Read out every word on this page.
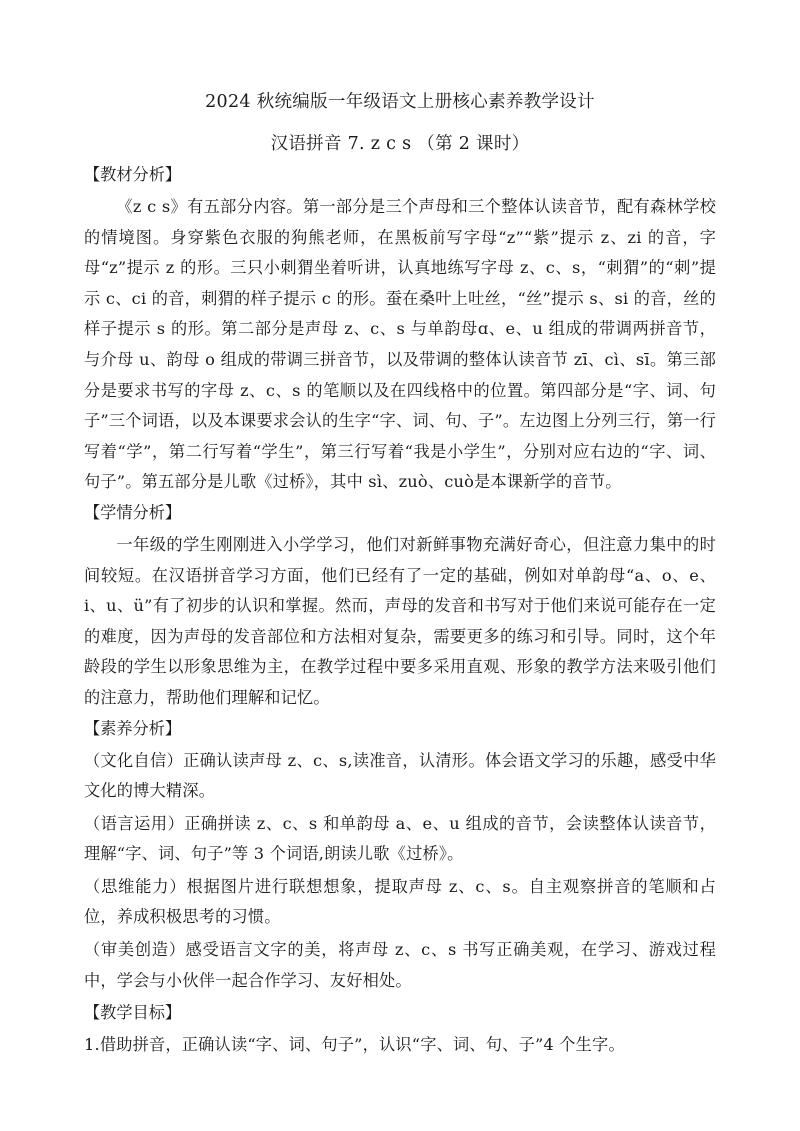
2024 秋统编版一年级语文上册核心素养教学设计
汉语拼音 7. z c s （第 2 课时）
【教材分析】

《z c s》有五部分内容。第一部分是三个声母和三个整体认读音节，配有森林学校的情境图。身穿紫色衣服的狗熊老师，在黑板前写字母“z”“紫”提示 z、zi 的音，字母“z”提示 z 的形。三只小刺猬坐着听讲，认真地练写字母 z、c、s，“刺猬”的“刺”提示 c、ci 的音，刺猬的样子提示 c 的形。蚕在桑叶上吐丝，“丝”提示 s、si 的音，丝的样子提示 s 的形。第二部分是声母 z、c、s 与单韵母ɑ、e、u 组成的带调两拼音节，与介母 u、韵母 o 组成的带调三拼音节，以及带调的整体认读音节 zī、cì、sī。第三部分是要求书写的字母 z、c、s 的笔顺以及在四线格中的位置。第四部分是“字、词、句子”三个词语，以及本课要求会认的生字“字、词、句、子”。左边图上分列三行，第一行写着“学”，第二行写着“学生”，第三行写着“我是小学生”，分别对应右边的“字、词、句子”。第五部分是儿歌《过桥》，其中 sì、zuò、cuò是本课新学的音节。

【学情分析】

一年级的学生刚刚进入小学学习，他们对新鲜事物充满好奇心，但注意力集中的时间较短。在汉语拼音学习方面，他们已经有了一定的基础，例如对单韵母“a、o、e、i、u、ü”有了初步的认识和掌握。然而，声母的发音和书写对于他们来说可能存在一定的难度，因为声母的发音部位和方法相对复杂，需要更多的练习和引导。同时，这个年龄段的学生以形象思维为主，在教学过程中要多采用直观、形象的教学方法来吸引他们的注意力，帮助他们理解和记忆。

【素养分析】

（文化自信）正确认读声母 z、c、s,读准音，认清形。体会语文学习的乐趣，感受中华文化的博大精深。

（语言运用）正确拼读 z、c、s 和单韵母 a、e、u 组成的音节，会读整体认读音节，理解“字、词、句子”等 3 个词语,朗读儿歌《过桥》。

（思维能力）根据图片进行联想想象，提取声母 z、c、s。自主观察拼音的笔顺和占位，养成积极思考的习惯。

（审美创造）感受语言文字的美，将声母 z、c、s 书写正确美观，在学习、游戏过程中，学会与小伙伴一起合作学习、友好相处。

【教学目标】

1.借助拼音，正确认读“字、词、句子”，认识“字、词、句、子”4 个生字。
